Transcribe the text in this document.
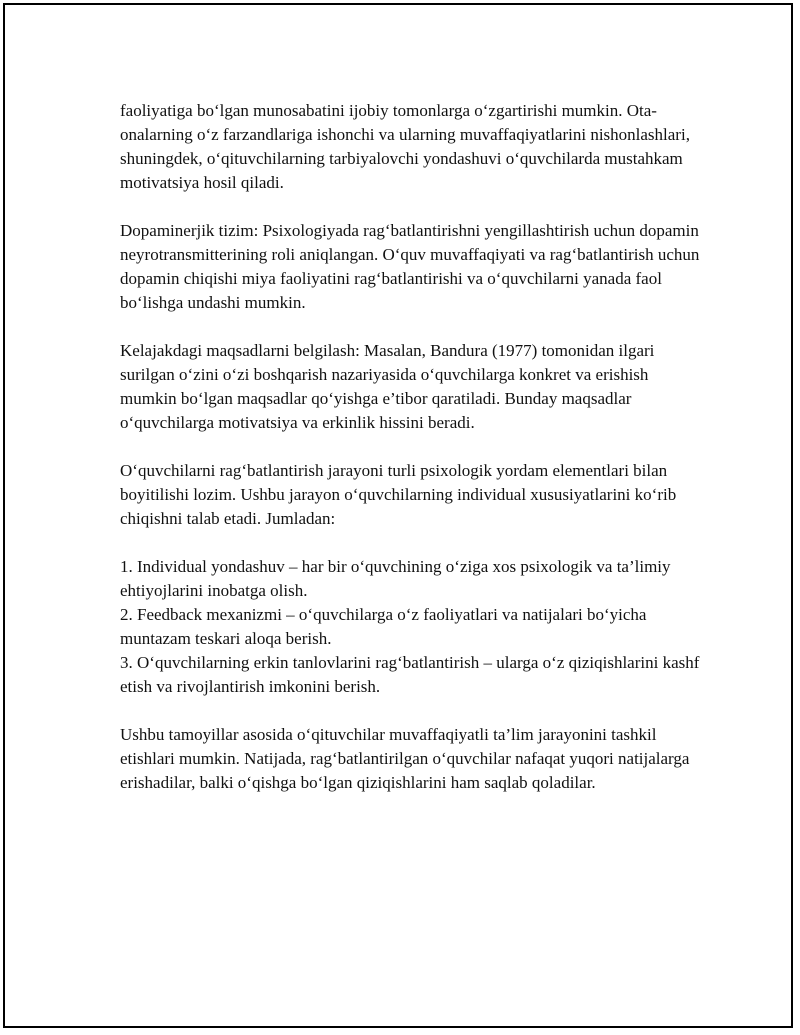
faoliyatiga bo‘lgan munosabatini ijobiy tomonlarga o‘zgartirishi mumkin. Ota-onalarning o‘z farzandlariga ishonchi va ularning muvaffaqiyatlarini nishonlashlari, shuningdek, o‘qituvchilarning tarbiyalovchi yondashuvi o‘quvchilarda mustahkam motivatsiya hosil qiladi.

Dopaminerjik tizim: Psixologiyada rag‘batlantirishni yengillashtirish uchun dopamin neyrotransmitterining roli aniqlangan. O‘quv muvaffaqiyati va rag‘batlantirish uchun dopamin chiqishi miya faoliyatini rag‘batlantirishi va o‘quvchilarni yanada faol bo‘lishga undashi mumkin.

Kelajakdagi maqsadlarni belgilash: Masalan, Bandura (1977) tomonidan ilgari surilgan o‘zini o‘zi boshqarish nazariyasida o‘quvchilarga konkret va erishish mumkin bo‘lgan maqsadlar qo‘yishga e’tibor qaratiladi. Bunday maqsadlar o‘quvchilarga motivatsiya va erkinlik hissini beradi.

O‘quvchilarni rag‘batlantirish jarayoni turli psixologik yordam elementlari bilan boyitilishi lozim. Ushbu jarayon o‘quvchilarning individual xususiyatlarini ko‘rib chiqishni talab etadi. Jumladan:

1. Individual yondashuv – har bir o‘quvchining o‘ziga xos psixologik va ta’limiy ehtiyojlarini inobatga olish.

2. Feedback mexanizmi – o‘quvchilarga o‘z faoliyatlari va natijalari bo‘yicha muntazam teskari aloqa berish.

3. O‘quvchilarning erkin tanlovlarini rag‘batlantirish – ularga o‘z qiziqishlarini kashf etish va rivojlantirish imkonini berish.

Ushbu tamoyillar asosida o‘qituvchilar muvaffaqiyatli ta’lim jarayonini tashkil etishlari mumkin. Natijada, rag‘batlantirilgan o‘quvchilar nafaqat yuqori natijalarga erishadilar, balki o‘qishga bo‘lgan qiziqishlarini ham saqlab qoladilar.
